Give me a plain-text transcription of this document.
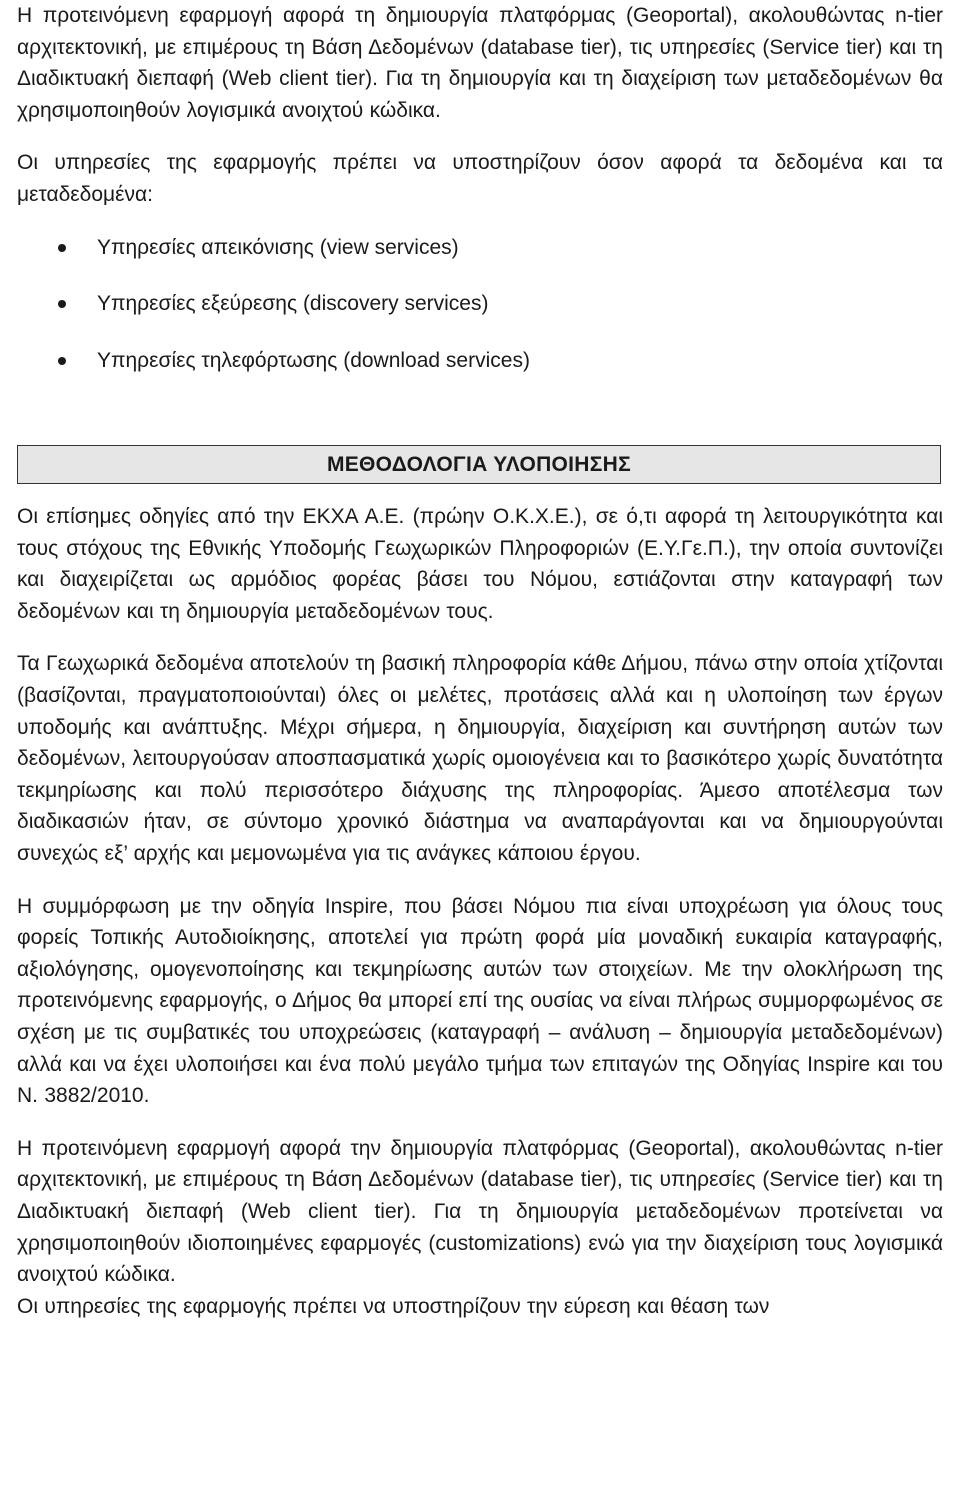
Η προτεινόμενη εφαρμογή αφορά τη δημιουργία πλατφόρμας (Geoportal), ακολουθώντας n-tier αρχιτεκτονική, με επιμέρους τη Βάση Δεδομένων (database tier), τις υπηρεσίες (Service tier) και τη Διαδικτυακή διεπαφή (Web client tier). Για τη δημιουργία και τη διαχείριση των μεταδεδομένων θα χρησιμοποιηθούν λογισμικά ανοιχτού κώδικα.

Οι υπηρεσίες της εφαρμογής πρέπει να υποστηρίζουν όσον αφορά τα δεδομένα και τα μεταδεδομένα:

Υπηρεσίες απεικόνισης (view services)
Υπηρεσίες εξεύρεσης (discovery services)
Υπηρεσίες τηλεφόρτωσης (download services)
ΜΕΘΟΔΟΛΟΓΙΑ ΥΛΟΠΟΙΗΣΗΣ

Οι επίσημες οδηγίες από την ΕΚΧΑ Α.Ε. (πρώην Ο.Κ.Χ.Ε.), σε ό,τι αφορά τη λειτουργικότητα και τους στόχους της Εθνικής Υποδομής Γεωχωρικών Πληροφοριών (Ε.Υ.Γε.Π.), την οποία συντονίζει και διαχειρίζεται ως αρμόδιος φορέας βάσει του Νόμου, εστιάζονται στην καταγραφή των δεδομένων και τη δημιουργία μεταδεδομένων τους.

Τα Γεωχωρικά δεδομένα αποτελούν τη βασική πληροφορία κάθε Δήμου, πάνω στην οποία χτίζονται (βασίζονται, πραγματοποιούνται) όλες οι μελέτες, προτάσεις αλλά και η υλοποίηση των έργων υποδομής και ανάπτυξης. Μέχρι σήμερα, η δημιουργία, διαχείριση και συντήρηση αυτών των δεδομένων, λειτουργούσαν αποσπασματικά χωρίς ομοιογένεια και το βασικότερο χωρίς δυνατότητα τεκμηρίωσης και πολύ περισσότερο διάχυσης της πληροφορίας. Άμεσο αποτέλεσμα των διαδικασιών ήταν, σε σύντομο χρονικό διάστημα να αναπαράγονται και να δημιουργούνται συνεχώς εξ’ αρχής και μεμονωμένα για τις ανάγκες κάποιου έργου.

Η συμμόρφωση με την οδηγία Inspire, που βάσει Νόμου πια είναι υποχρέωση για όλους τους φορείς Τοπικής Αυτοδιοίκησης, αποτελεί για πρώτη φορά μία μοναδική ευκαιρία καταγραφής, αξιολόγησης, ομογενοποίησης και τεκμηρίωσης αυτών των στοιχείων. Με την ολοκλήρωση της προτεινόμενης εφαρμογής, ο Δήμος θα μπορεί επί της ουσίας να είναι πλήρως συμμορφωμένος σε σχέση με τις συμβατικές του υποχρεώσεις (καταγραφή – ανάλυση – δημιουργία μεταδεδομένων) αλλά και να έχει υλοποιήσει και ένα πολύ μεγάλο τμήμα των επιταγών της Οδηγίας Inspire και του Ν. 3882/2010.

Η προτεινόμενη εφαρμογή αφορά την δημιουργία πλατφόρμας (Geoportal), ακολουθώντας n-tier αρχιτεκτονική, με επιμέρους τη Βάση Δεδομένων (database tier), τις υπηρεσίες (Service tier) και τη Διαδικτυακή διεπαφή (Web client tier). Για τη δημιουργία μεταδεδομένων προτείνεται να χρησιμοποιηθούν ιδιοποιημένες εφαρμογές (customizations) ενώ για την διαχείριση τους λογισμικά ανοιχτού κώδικα.

Οι υπηρεσίες της εφαρμογής πρέπει να υποστηρίζουν την εύρεση και θέαση των
